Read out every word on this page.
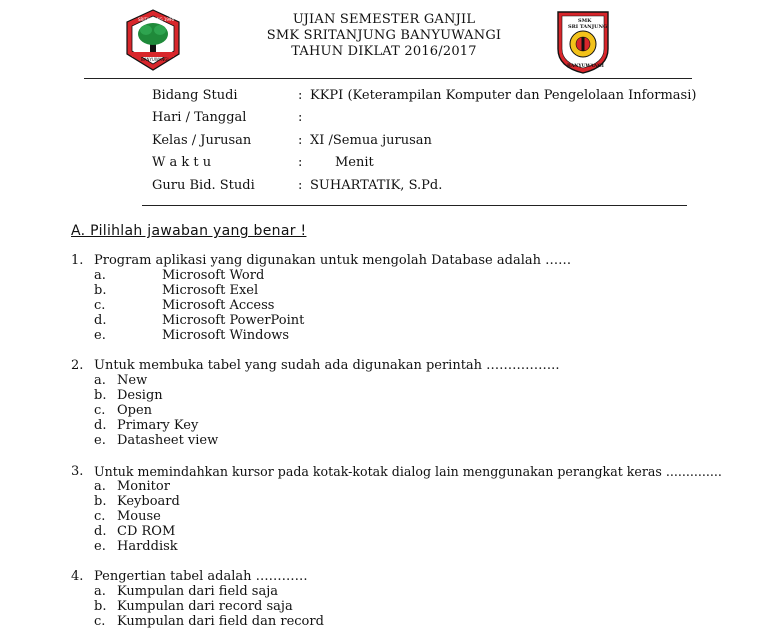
SRITANJUNG 1996
BANYUWANGI
UJIAN SEMESTER GANJIL
SMK SRITANJUNG BANYUWANGI
TAHUN DIKLAT 2016/2017
SMK
SRI TANJUNG
BANYUWANGI
Bidang Studi	: KKPI (Keterampilan Komputer dan Pengelolaan Informasi)
Hari / Tanggal	:
Kelas / Jurusan	: XI /Semua jurusan
W a k t u	:	Menit
Guru Bid. Studi	: SUHARTATIK, S.Pd.
A. Pilihlah jawaban yang benar !
1. Program aplikasi yang digunakan untuk mengolah Database adalah ……
a.	Microsoft Word
b.	Microsoft Exel
c.	Microsoft Access
d.	Microsoft PowerPoint
e.	Microsoft Windows
2. Untuk membuka tabel yang sudah ada digunakan perintah ……………..
a. New
b. Design
c. Open
d. Primary Key
e. Datasheet view
3. Untuk memindahkan kursor pada kotak-kotak dialog lain menggunakan perangkat keras ..............
a. Monitor
b. Keyboard
c. Mouse
d. CD ROM
e. Harddisk
4. Pengertian tabel adalah …………
a. Kumpulan dari field saja
b. Kumpulan dari record saja
c. Kumpulan dari field dan record
